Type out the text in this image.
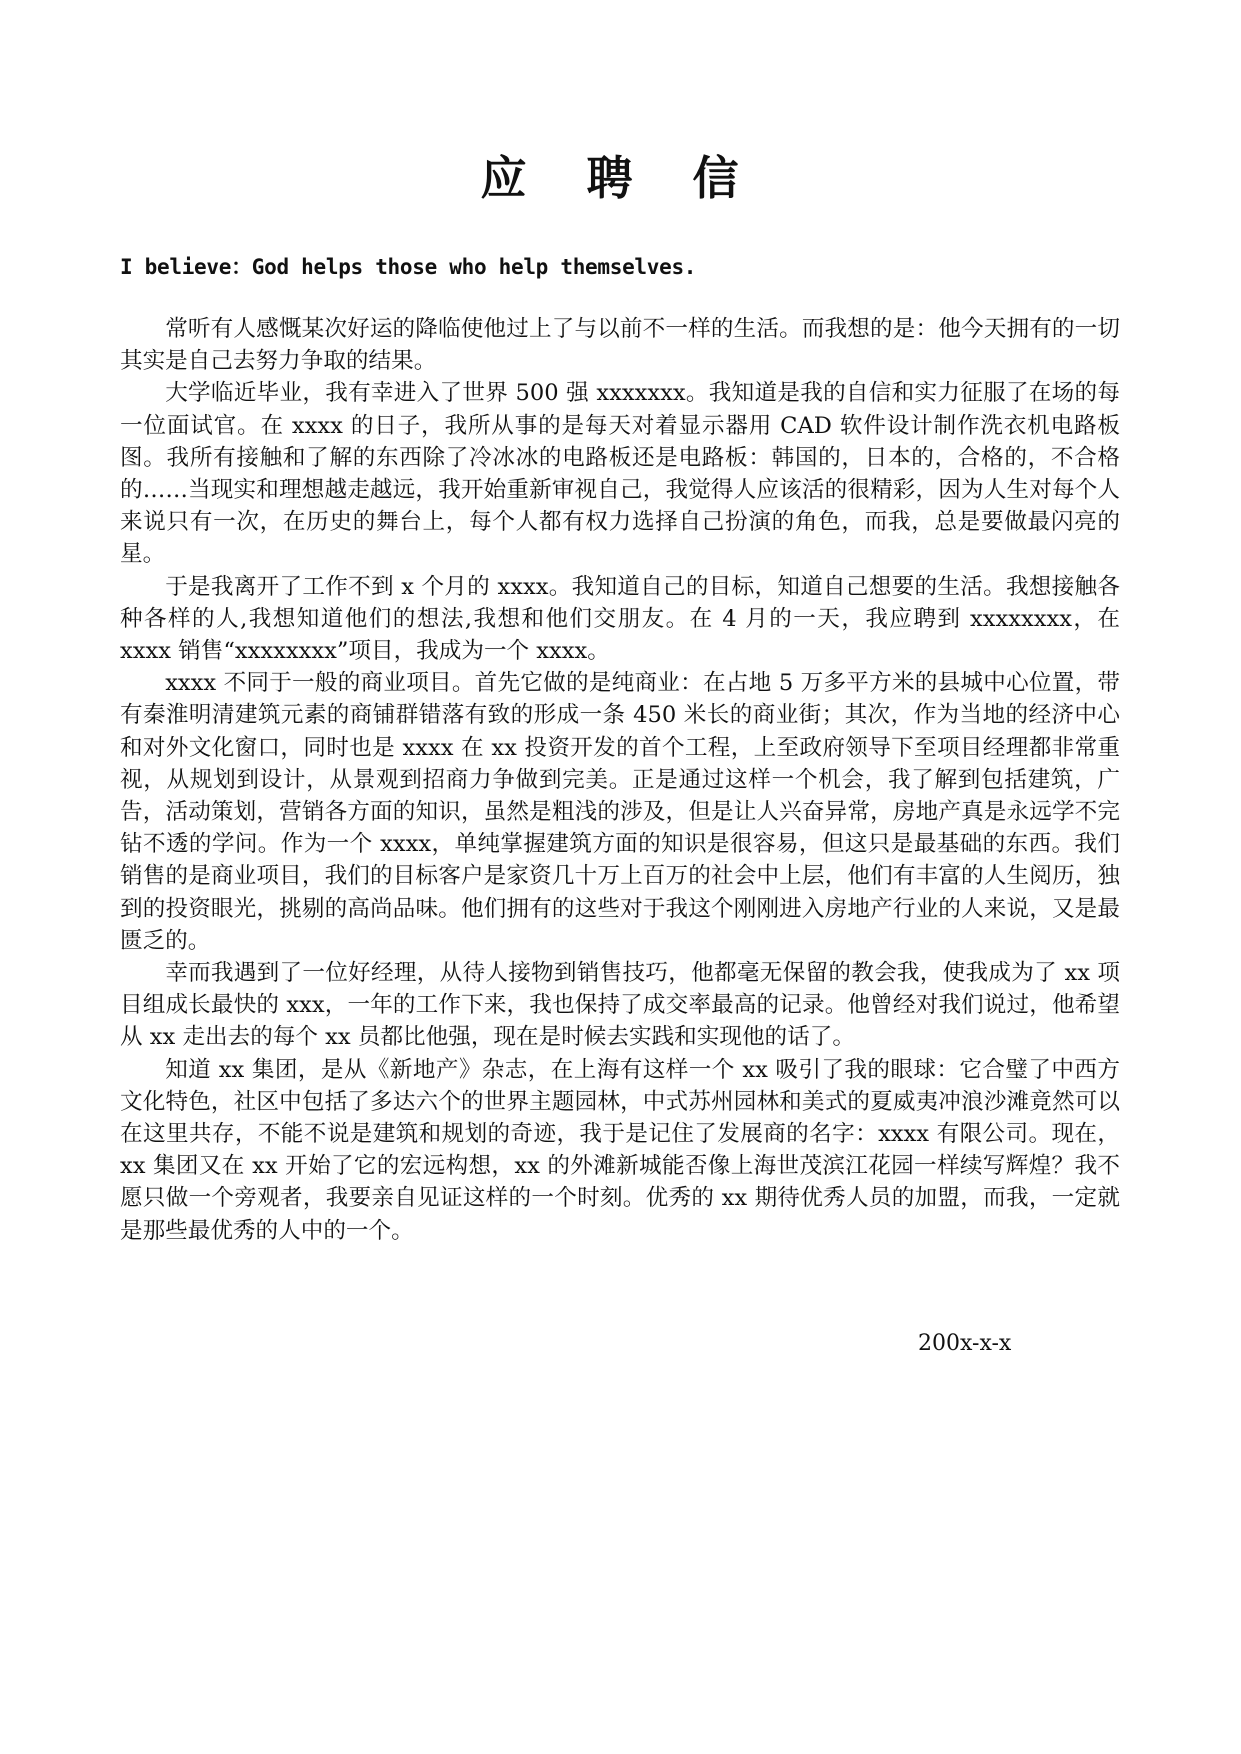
应 聘 信
I believe：God helps those who help themselves.

常听有人感慨某次好运的降临使他过上了与以前不一样的生活。而我想的是：他今天拥有的一切其实是自己去努力争取的结果。

大学临近毕业，我有幸进入了世界 500 强 xxxxxxx。我知道是我的自信和实力征服了在场的每一位面试官。在 xxxx 的日子，我所从事的是每天对着显示器用 CAD 软件设计制作洗衣机电路板图。我所有接触和了解的东西除了冷冰冰的电路板还是电路板：韩国的，日本的，合格的，不合格的……当现实和理想越走越远，我开始重新审视自己，我觉得人应该活的很精彩，因为人生对每个人来说只有一次，在历史的舞台上，每个人都有权力选择自己扮演的角色，而我，总是要做最闪亮的星。

于是我离开了工作不到 x 个月的 xxxx。我知道自己的目标，知道自己想要的生活。我想接触各种各样的人,我想知道他们的想法,我想和他们交朋友。在 4 月的一天，我应聘到 xxxxxxxx，在 xxxx 销售“xxxxxxxx”项目，我成为一个 xxxx。

xxxx 不同于一般的商业项目。首先它做的是纯商业：在占地 5 万多平方米的县城中心位置，带有秦淮明清建筑元素的商铺群错落有致的形成一条 450 米长的商业街；其次，作为当地的经济中心和对外文化窗口，同时也是 xxxx 在 xx 投资开发的首个工程，上至政府领导下至项目经理都非常重视，从规划到设计，从景观到招商力争做到完美。正是通过这样一个机会，我了解到包括建筑，广告，活动策划，营销各方面的知识，虽然是粗浅的涉及，但是让人兴奋异常，房地产真是永远学不完钻不透的学问。作为一个 xxxx，单纯掌握建筑方面的知识是很容易，但这只是最基础的东西。我们销售的是商业项目，我们的目标客户是家资几十万上百万的社会中上层，他们有丰富的人生阅历，独到的投资眼光，挑剔的高尚品味。他们拥有的这些对于我这个刚刚进入房地产行业的人来说，又是最匮乏的。

幸而我遇到了一位好经理，从待人接物到销售技巧，他都毫无保留的教会我，使我成为了 xx 项目组成长最快的 xxx，一年的工作下来，我也保持了成交率最高的记录。他曾经对我们说过，他希望从 xx 走出去的每个 xx 员都比他强，现在是时候去实践和实现他的话了。

知道 xx 集团，是从《新地产》杂志，在上海有这样一个 xx 吸引了我的眼球：它合璧了中西方文化特色，社区中包括了多达六个的世界主题园林，中式苏州园林和美式的夏威夷冲浪沙滩竟然可以在这里共存，不能不说是建筑和规划的奇迹，我于是记住了发展商的名字：xxxx 有限公司。现在，xx 集团又在 xx 开始了它的宏远构想，xx 的外滩新城能否像上海世茂滨江花园一样续写辉煌？我不愿只做一个旁观者，我要亲自见证这样的一个时刻。优秀的 xx 期待优秀人员的加盟，而我，一定就是那些最优秀的人中的一个。

200x-x-x
